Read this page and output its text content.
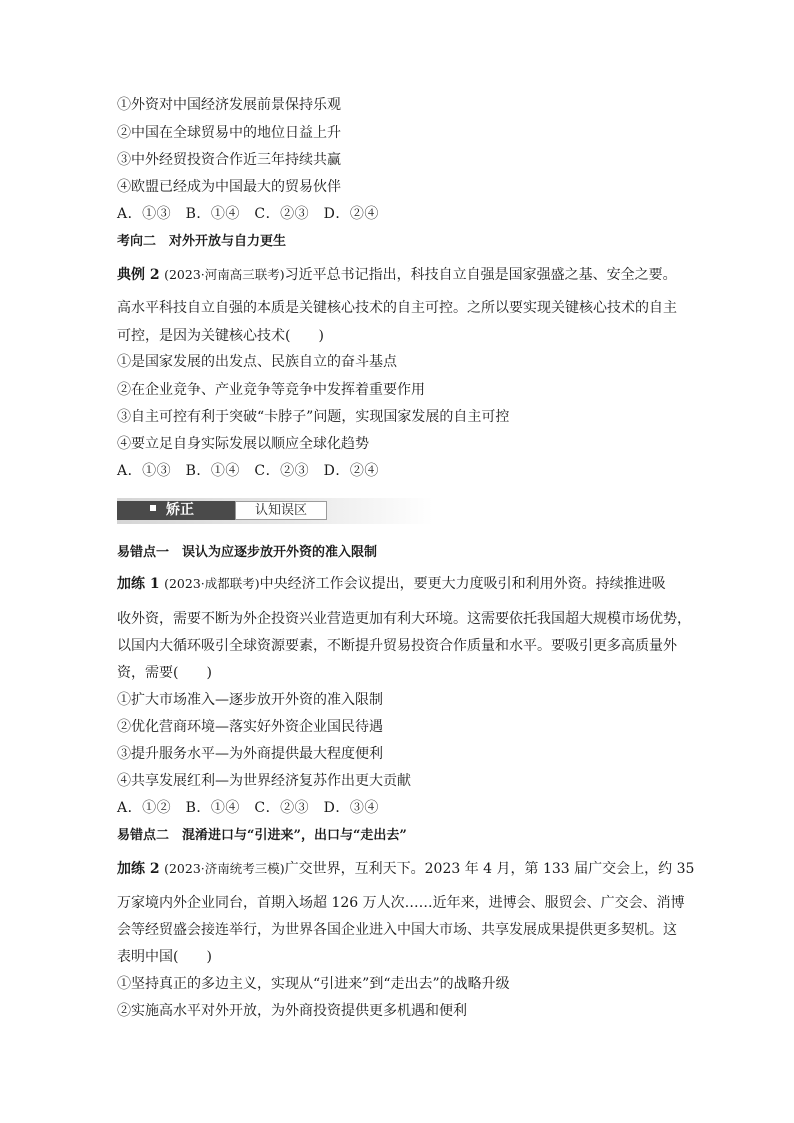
①外资对中国经济发展前景保持乐观
②中国在全球贸易中的地位日益上升
③中外经贸投资合作近三年持续共赢
④欧盟已经成为中国最大的贸易伙伴
A．①③　B．①④　C．②③　D．②④
考向二　对外开放与自力更生
典例 2 (2023·河南高三联考)习近平总书记指出，科技自立自强是国家强盛之基、安全之要。
高水平科技自立自强的本质是关键核心技术的自主可控。之所以要实现关键核心技术的自主
可控，是因为关键核心技术(　　)
①是国家发展的出发点、民族自立的奋斗基点
②在企业竞争、产业竞争等竞争中发挥着重要作用
③自主可控有利于突破“卡脖子”问题，实现国家发展的自主可控
④要立足自身实际发展以顺应全球化趋势
A．①③　B．①④　C．②③　D．②④
矫正	认知误区
易错点一　误认为应逐步放开外资的准入限制
加练 1 (2023·成都联考)中央经济工作会议提出，要更大力度吸引和利用外资。持续推进吸
收外资，需要不断为外企投资兴业营造更加有利大环境。这需要依托我国超大规模市场优势，
以国内大循环吸引全球资源要素，不断提升贸易投资合作质量和水平。要吸引更多高质量外
资，需要(　　)
①扩大市场准入—逐步放开外资的准入限制
②优化营商环境—落实好外资企业国民待遇
③提升服务水平—为外商提供最大程度便利
④共享发展红利—为世界经济复苏作出更大贡献
A．①②　B．①④　C．②③　D．③④
易错点二　混淆进口与“引进来”，出口与“走出去”
加练 2 (2023·济南统考三模)广交世界，互利天下。2023 年 4 月，第 133 届广交会上，约 35
万家境内外企业同台，首期入场超 126 万人次……近年来，进博会、服贸会、广交会、消博
会等经贸盛会接连举行，为世界各国企业进入中国大市场、共享发展成果提供更多契机。这
表明中国(　　)
①坚持真正的多边主义，实现从“引进来”到“走出去”的战略升级
②实施高水平对外开放，为外商投资提供更多机遇和便利
